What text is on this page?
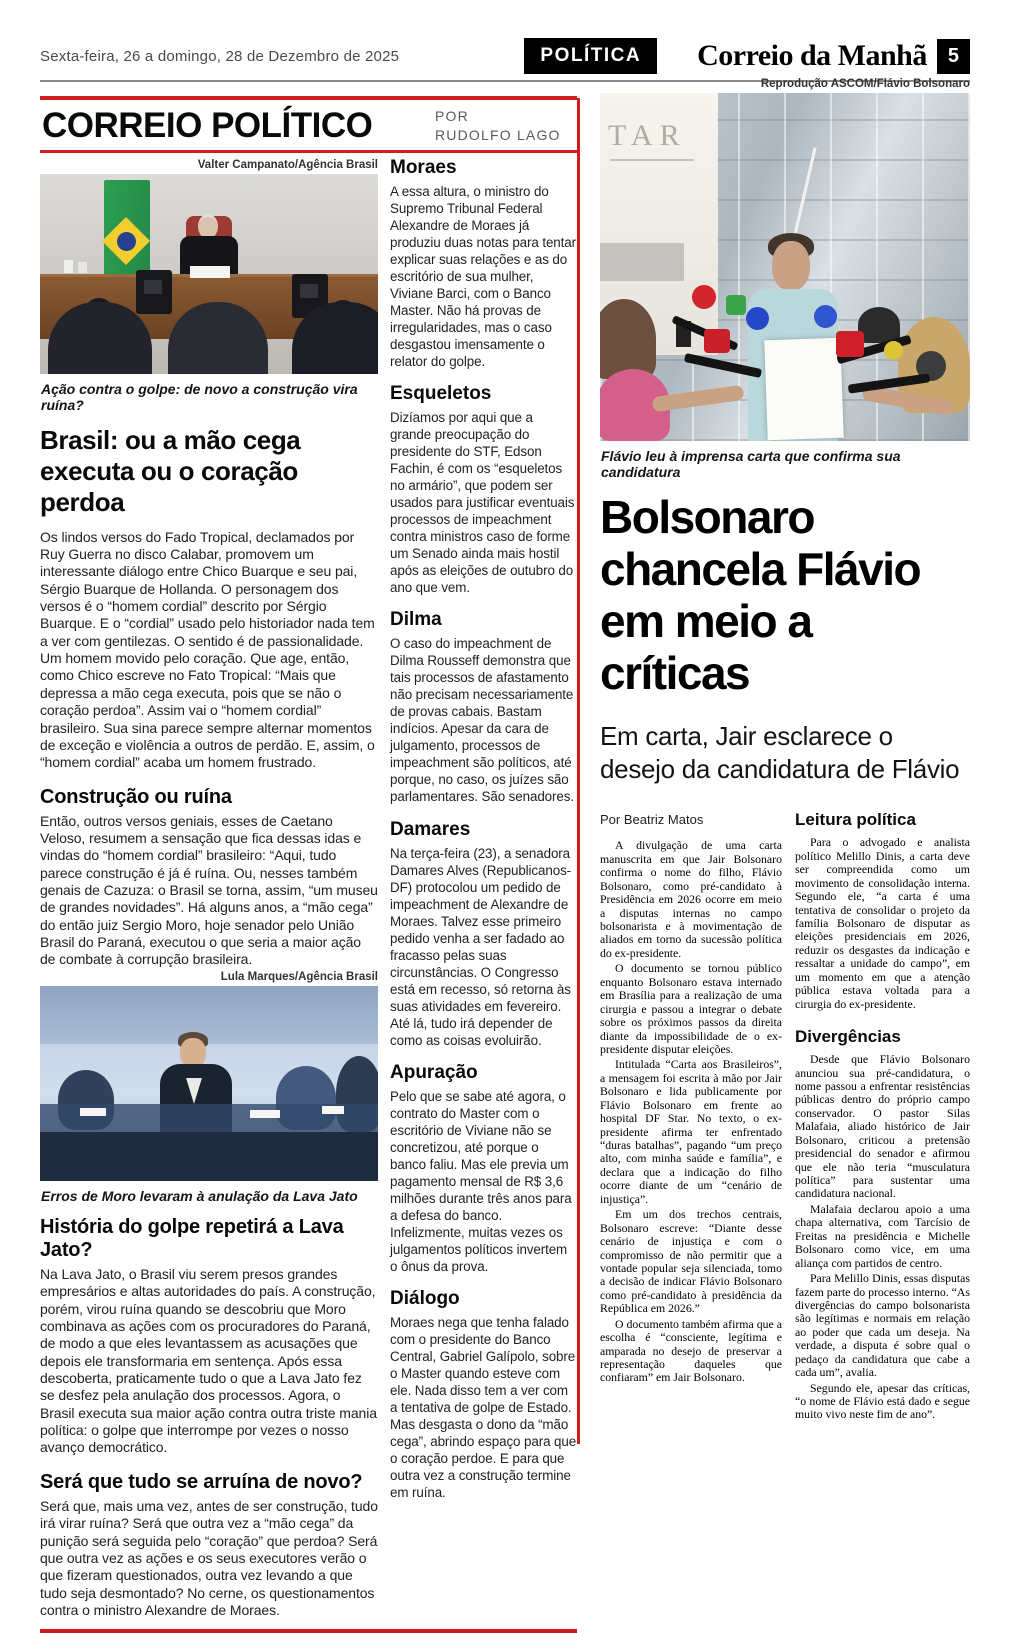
Sexta-feira, 26 a domingo, 28 de Dezembro de 2025	POLÍTICA	Correio da Manhã	5
CORREIO POLÍTICO	POR
RUDOLFO LAGO
Valter Campanato/Agência Brasil
Ação contra o golpe: de novo a construção vira ruína?
Brasil: ou a mão cega executa ou o coração perdoa
Os lindos versos do Fado Tropical, declamados por Ruy Guerra no disco Calabar, promovem um interessante diálogo entre Chico Buarque e seu pai, Sérgio Buarque de Hollanda. O personagem dos versos é o “homem cordial” descrito por Sérgio Buarque. E o “cordial” usado pelo historiador nada tem a ver com gentilezas. O sentido é de passionalidade. Um homem movido pelo coração. Que age, então, como Chico escreve no Fato Tropical: “Mais que depressa a mão cega executa, pois que se não o coração perdoa”. Assim vai o “homem cordial” brasileiro. Sua sina parece sempre alternar momentos de exceção e violência a outros de perdão. E, assim, o “homem cordial” acaba um homem frustrado.
Construção ou ruína
Então, outros versos geniais, esses de Caetano Veloso, resumem a sensação que fica dessas idas e vindas do “homem cordial” brasileiro: “Aqui, tudo parece construção é já é ruína. Ou, nesses também genais de Cazuza: o Brasil se torna, assim, “um museu de grandes novidades”. Há alguns anos, a “mão cega” do então juiz Sergio Moro, hoje senador pelo União Brasil do Paraná, executou o que seria a maior ação de combate à corrupção brasileira.
Lula Marques/Agência Brasil
Erros de Moro levaram à anulação da Lava Jato
História do golpe repetirá a Lava Jato?
Na Lava Jato, o Brasil viu serem presos grandes empresários e altas autoridades do país. A construção, porém, virou ruína quando se descobriu que Moro combinava as ações com os procuradores do Paraná, de modo a que eles levantassem as acusações que depois ele transformaria em sentença. Após essa descoberta, praticamente tudo o que a Lava Jato fez se desfez pela anulação dos processos. Agora, o Brasil executa sua maior ação contra outra triste mania política: o golpe que interrompe por vezes o nosso avanço democrático.
Será que tudo se arruína de novo?
Será que, mais uma vez, antes de ser construção, tudo irá virar ruína? Será que outra vez a “mão cega” da punição será seguida pelo “coração” que perdoa? Será que outra vez as ações e os seus executores verão o que fizeram questionados, outra vez levando a que tudo seja desmontado? No cerne, os questionamentos contra o ministro Alexandre de Moraes.
Moraes
A essa altura, o ministro do Supremo Tribunal Federal Alexandre de Moraes já produziu duas notas para tentar explicar suas relações e as do escritório de sua mulher, Viviane Barci, com o Banco Master. Não há provas de irregularidades, mas o caso desgastou imensamente o relator do golpe.
Esqueletos
Dizíamos por aqui que a grande preocupação do presidente do STF, Edson Fachin, é com os “esqueletos no armário”, que podem ser usados para justificar eventuais processos de impeachment contra ministros caso de forme um Senado ainda mais hostil após as eleições de outubro do ano que vem.
Dilma
O caso do impeachment de Dilma Rousseff demonstra que tais processos de afastamento não precisam necessariamente de provas cabais. Bastam indícios. Apesar da cara de julgamento, processos de impeachment são políticos, até porque, no caso, os juízes são parlamentares. São senadores.
Damares
Na terça-feira (23), a senadora Damares Alves (Republicanos-DF) protocolou um pedido de impeachment de Alexandre de Moraes. Talvez esse primeiro pedido venha a ser fadado ao fracasso pelas suas circunstâncias. O Congresso está em recesso, só retorna às suas atividades em fevereiro. Até lá, tudo irá depender de como as coisas evoluirão.
Apuração
Pelo que se sabe até agora, o contrato do Master com o escritório de Viviane não se concretizou, até porque o banco faliu. Mas ele previa um pagamento mensal de R$ 3,6 milhões durante três anos para a defesa do banco. Infelizmente, muitas vezes os julgamentos políticos invertem o ônus da prova.
Diálogo
Moraes nega que tenha falado com o presidente do Banco Central, Gabriel Galípolo, sobre o Master quando esteve com ele. Nada disso tem a ver com a tentativa de golpe de Estado. Mas desgasta o dono da “mão cega”, abrindo espaço para que o coração perdoe. E para que outra vez a construção termine em ruína.
Reprodução ASCOM/Flávio Bolsonaro
TAR
Flávio leu à imprensa carta que confirma sua candidatura
Bolsonaro chancela Flávio em meio a críticas
Em carta, Jair esclarece o desejo da candidatura de Flávio
Por Beatriz Matos

A divulgação de uma carta manuscrita em que Jair Bolsonaro confirma o nome do filho, Flávio Bolsonaro, como pré-candidato à Presidência em 2026 ocorre em meio a disputas internas no campo bolsonarista e à movimentação de aliados em torno da sucessão política do ex-presidente.

O documento se tornou público enquanto Bolsonaro estava internado em Brasília para a realização de uma cirurgia e passou a integrar o debate sobre os próximos passos da direita diante da impossibilidade de o ex-presidente disputar eleições.

Intitulada “Carta aos Brasileiros”, a mensagem foi escrita à mão por Jair Bolsonaro e lida publicamente por Flávio Bolsonaro em frente ao hospital DF Star. No texto, o ex-presidente afirma ter enfrentado “duras batalhas”, pagando “um preço alto, com minha saúde e família”, e declara que a indicação do filho ocorre diante de um “cenário de injustiça”.

Em um dos trechos centrais, Bolsonaro escreve: “Diante desse cenário de injustiça e com o compromisso de não permitir que a vontade popular seja silenciada, tomo a decisão de indicar Flávio Bolsonaro como pré-candidato à presidência da República em 2026.”

O documento também afirma que a escolha é “consciente, legítima e amparada no desejo de preservar a representação daqueles que confiaram” em Jair Bolsonaro.

Leitura política

Para o advogado e analista político Melillo Dinis, a carta deve ser compreendida como um movimento de consolidação interna. Segundo ele, “a carta é uma tentativa de consolidar o projeto da família Bolsonaro de disputar as eleições presidenciais em 2026, reduzir os desgastes da indicação e ressaltar a unidade do campo”, em um momento em que a atenção pública estava voltada para a cirurgia do ex-presidente.

Divergências

Desde que Flávio Bolsonaro anunciou sua pré-candidatura, o nome passou a enfrentar resistências públicas dentro do próprio campo conservador. O pastor Silas Malafaia, aliado histórico de Jair Bolsonaro, criticou a pretensão presidencial do senador e afirmou que ele não teria “musculatura política” para sustentar uma candidatura nacional.

Malafaia declarou apoio a uma chapa alternativa, com Tarcísio de Freitas na presidência e Michelle Bolsonaro como vice, em uma aliança com partidos de centro.

Para Melillo Dinis, essas disputas fazem parte do processo interno. “As divergências do campo bolsonarista são legítimas e normais em relação ao poder que cada um deseja. Na verdade, a disputa é sobre qual o pedaço da candidatura que cabe a cada um”, avalia.

Segundo ele, apesar das críticas, “o nome de Flávio está dado e segue muito vivo neste fim de ano”.
